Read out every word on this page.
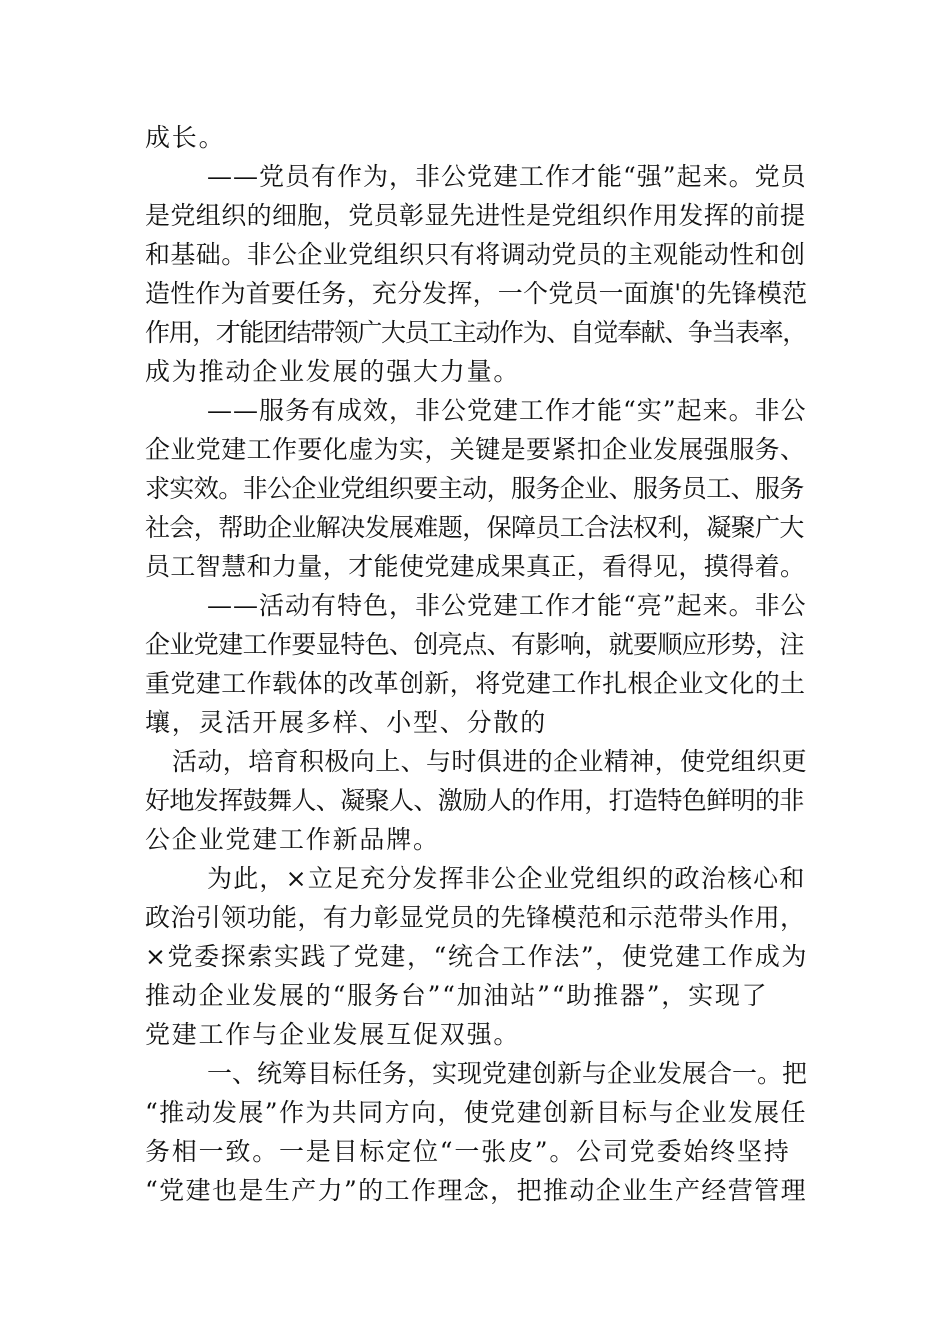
成长。
——党员有作为，非公党建工作才能“强”起来。党员
是党组织的细胞，党员彰显先进性是党组织作用发挥的前提
和基础。非公企业党组织只有将调动党员的主观能动性和创
造性作为首要任务，充分发挥，一个党员一面旗'的先锋模范
作用，才能团结带领广大员工主动作为、自觉奉献、争当表率，
成为推动企业发展的强大力量。
——服务有成效，非公党建工作才能“实”起来。非公
企业党建工作要化虚为实，关键是要紧扣企业发展强服务、
求实效。非公企业党组织要主动，服务企业、服务员工、服务
社会，帮助企业解决发展难题，保障员工合法权利，凝聚广大
员工智慧和力量，才能使党建成果真正，看得见，摸得着。
——活动有特色，非公党建工作才能“亮”起来。非公
企业党建工作要显特色、创亮点、有影响，就要顺应形势，注
重党建工作载体的改革创新，将党建工作扎根企业文化的土
壤，灵活开展多样、小型、分散的
活动，培育积极向上、与时俱进的企业精神，使党组织更
好地发挥鼓舞人、凝聚人、激励人的作用，打造特色鲜明的非
公企业党建工作新品牌。
为此，×立足充分发挥非公企业党组织的政治核心和
政治引领功能，有力彰显党员的先锋模范和示范带头作用，
×党委探索实践了党建，“统合工作法”，使党建工作成为
推动企业发展的“服务台”“加油站”“助推器”，实现了
党建工作与企业发展互促双强。
一、统筹目标任务，实现党建创新与企业发展合一。把
“推动发展”作为共同方向，使党建创新目标与企业发展任
务相一致。一是目标定位“一张皮”。公司党委始终坚持
“党建也是生产力”的工作理念，把推动企业生产经营管理
